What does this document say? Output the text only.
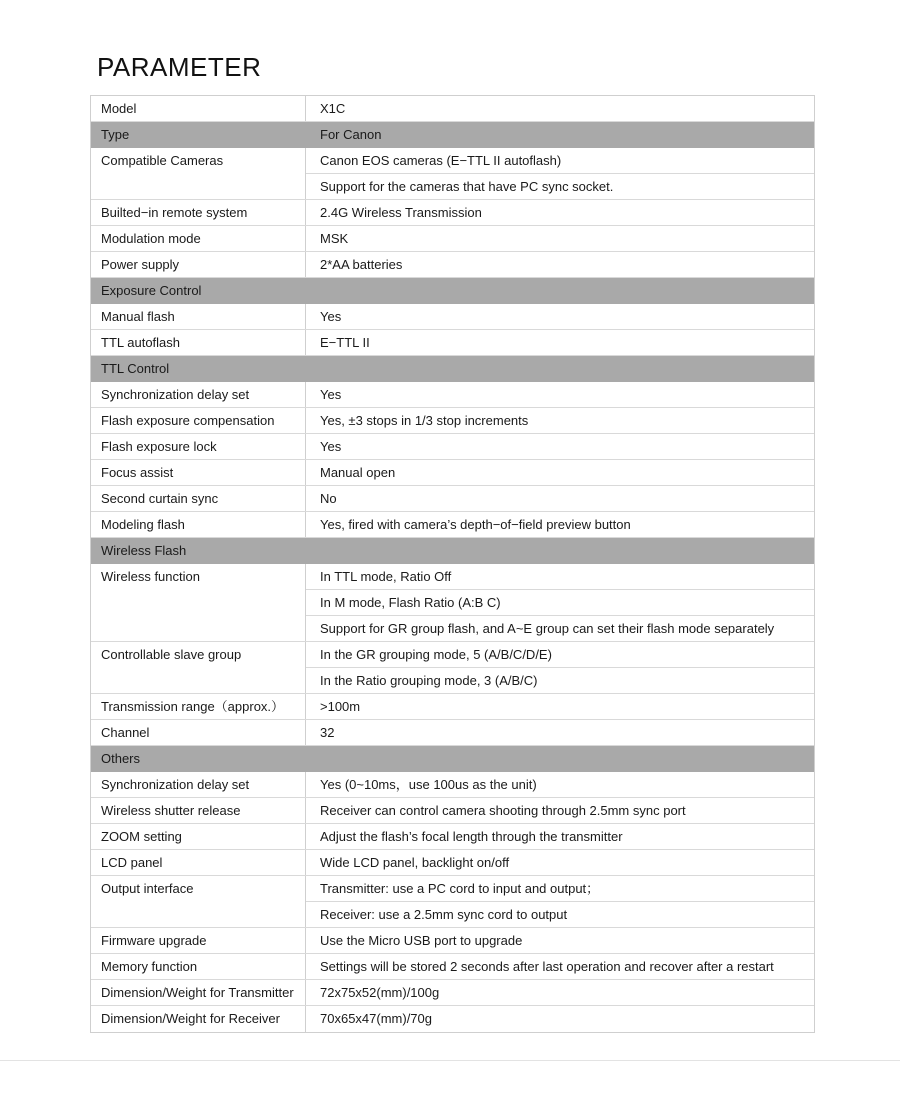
PARAMETER
Model	X1C
Type	For Canon
Compatible Cameras	Canon EOS cameras (E−TTL II autoflash)
Support for the cameras that have PC sync socket.
Builted−in remote system	2.4G Wireless Transmission
Modulation mode	MSK
Power supply	2*AA batteries
Exposure Control
Manual flash	Yes
TTL autoflash	E−TTL II
TTL Control
Synchronization delay set	Yes
Flash exposure compensation	Yes, ±3 stops in 1/3 stop increments
Flash exposure lock	Yes
Focus assist	Manual open
Second curtain sync	No
Modeling flash	Yes, fired with camera’s depth−of−field preview button
Wireless Flash
Wireless function	In TTL mode, Ratio Off
In M mode, Flash Ratio (A:B C)
Support for GR group flash, and A~E group can set their flash mode separately
Controllable slave group	In the GR grouping mode, 5 (A/B/C/D/E)
In the Ratio grouping mode, 3 (A/B/C)
Transmission range（approx.）	>100m
Channel	32
Others
Synchronization delay set	Yes (0~10ms，use 100us as the unit)
Wireless shutter release	Receiver can control camera shooting through 2.5mm sync port
ZOOM setting	Adjust the flash’s focal length through the transmitter
LCD panel	Wide LCD panel, backlight on/off
Output interface	Transmitter: use a PC cord to input and output；
Receiver: use a 2.5mm sync cord to output
Firmware upgrade	Use the Micro USB port to upgrade
Memory function	Settings will be stored 2 seconds after last operation and recover after a restart
Dimension/Weight for Transmitter	72x75x52(mm)/100g
Dimension/Weight for Receiver	70x65x47(mm)/70g
